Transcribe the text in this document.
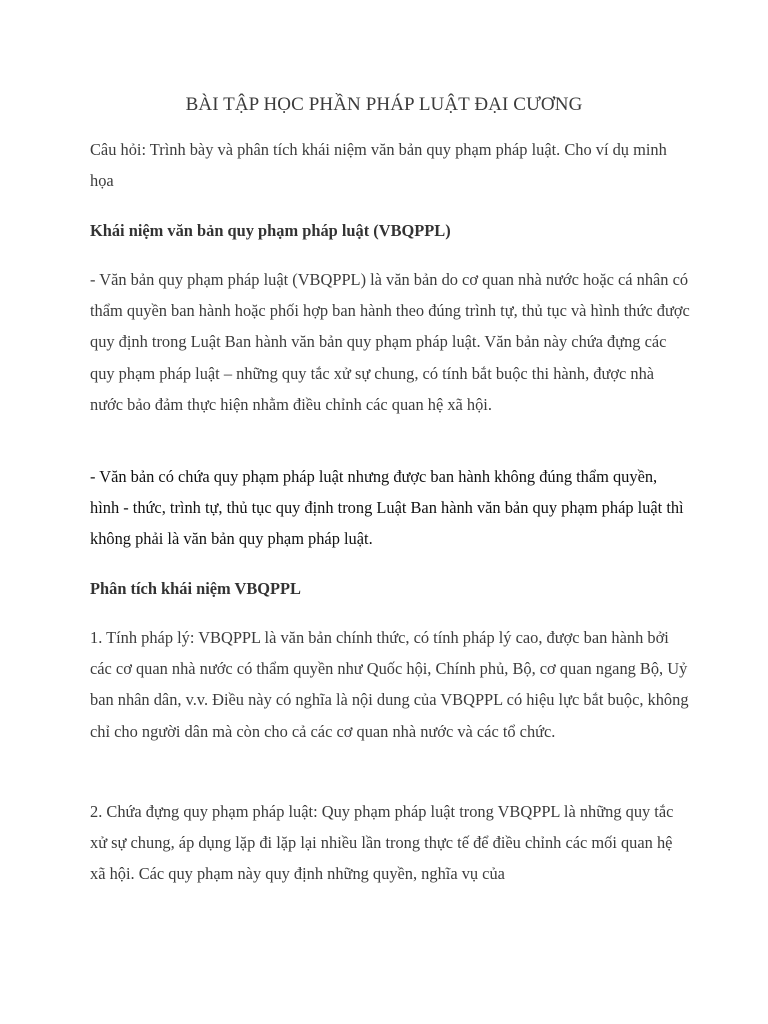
BÀI TẬP HỌC PHẦN PHÁP LUẬT ĐẠI CƯƠNG

Câu hỏi: Trình bày và phân tích khái niệm văn bản quy phạm pháp luật. Cho ví dụ minh họa

Khái niệm văn bản quy phạm pháp luật (VBQPPL)

- Văn bản quy phạm pháp luật (VBQPPL) là văn bản do cơ quan nhà nước hoặc cá nhân có thẩm quyền ban hành hoặc phối hợp ban hành theo đúng trình tự, thủ tục và hình thức được quy định trong Luật Ban hành văn bản quy phạm pháp luật. Văn bản này chứa đựng các quy phạm pháp luật – những quy tắc xử sự chung, có tính bắt buộc thi hành, được nhà nước bảo đảm thực hiện nhằm điều chỉnh các quan hệ xã hội.

- Văn bản có chứa quy phạm pháp luật nhưng được ban hành không đúng thẩm quyền, hình - thức, trình tự, thủ tục quy định trong Luật Ban hành văn bản quy phạm pháp luật thì không phải là văn bản quy phạm pháp luật.

Phân tích khái niệm VBQPPL

1. Tính pháp lý: VBQPPL là văn bản chính thức, có tính pháp lý cao, được ban hành bởi các cơ quan nhà nước có thẩm quyền như Quốc hội, Chính phủ, Bộ, cơ quan ngang Bộ, Uỷ ban nhân dân, v.v. Điều này có nghĩa là nội dung của VBQPPL có hiệu lực bắt buộc, không chỉ cho người dân mà còn cho cả các cơ quan nhà nước và các tổ chức.

2. Chứa đựng quy phạm pháp luật: Quy phạm pháp luật trong VBQPPL là những quy tắc xử sự chung, áp dụng lặp đi lặp lại nhiều lần trong thực tế để điều chỉnh các mối quan hệ xã hội. Các quy phạm này quy định những quyền, nghĩa vụ của
